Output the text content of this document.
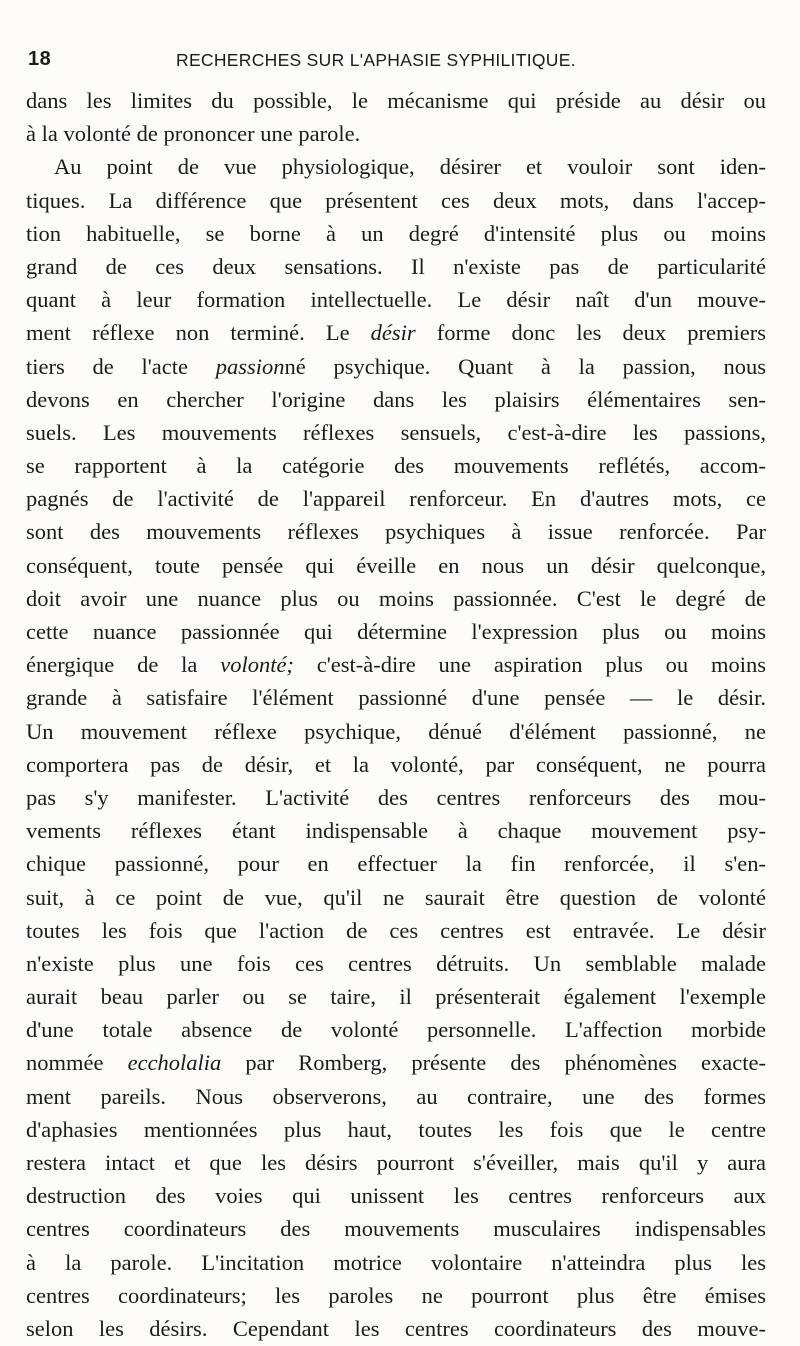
18	RECHERCHES SUR L'APHASIE SYPHILITIQUE.
dans les limites du possible, le mécanisme qui préside au désir ou
à la volonté de prononcer une parole.
Au point de vue physiologique, désirer et vouloir sont iden-
tiques. La différence que présentent ces deux mots, dans l'accep-
tion habituelle, se borne à un degré d'intensité plus ou moins
grand de ces deux sensations. Il n'existe pas de particularité
quant à leur formation intellectuelle. Le désir naît d'un mouve-
ment réflexe non terminé. Le désir forme donc les deux premiers
tiers de l'acte passionné psychique. Quant à la passion, nous
devons en chercher l'origine dans les plaisirs élémentaires sen-
suels. Les mouvements réflexes sensuels, c'est-à-dire les passions,
se rapportent à la catégorie des mouvements reflétés, accom-
pagnés de l'activité de l'appareil renforceur. En d'autres mots, ce
sont des mouvements réflexes psychiques à issue renforcée. Par
conséquent, toute pensée qui éveille en nous un désir quelconque,
doit avoir une nuance plus ou moins passionnée. C'est le degré de
cette nuance passionnée qui détermine l'expression plus ou moins
énergique de la volonté; c'est-à-dire une aspiration plus ou moins
grande à satisfaire l'élément passionné d'une pensée — le désir.
Un mouvement réflexe psychique, dénué d'élément passionné, ne
comportera pas de désir, et la volonté, par conséquent, ne pourra
pas s'y manifester. L'activité des centres renforceurs des mou-
vements réflexes étant indispensable à chaque mouvement psy-
chique passionné, pour en effectuer la fin renforcée, il s'en-
suit, à ce point de vue, qu'il ne saurait être question de volonté
toutes les fois que l'action de ces centres est entravée. Le désir
n'existe plus une fois ces centres détruits. Un semblable malade
aurait beau parler ou se taire, il présenterait également l'exemple
d'une totale absence de volonté personnelle. L'affection morbide
nommée eccholalia par Romberg, présente des phénomènes exacte-
ment pareils. Nous observerons, au contraire, une des formes
d'aphasies mentionnées plus haut, toutes les fois que le centre
restera intact et que les désirs pourront s'éveiller, mais qu'il y aura
destruction des voies qui unissent les centres renforceurs aux
centres coordinateurs des mouvements musculaires indispensables
à la parole. L'incitation motrice volontaire n'atteindra plus les
centres coordinateurs; les paroles ne pourront plus être émises
selon les désirs. Cependant les centres coordinateurs des mouve-
